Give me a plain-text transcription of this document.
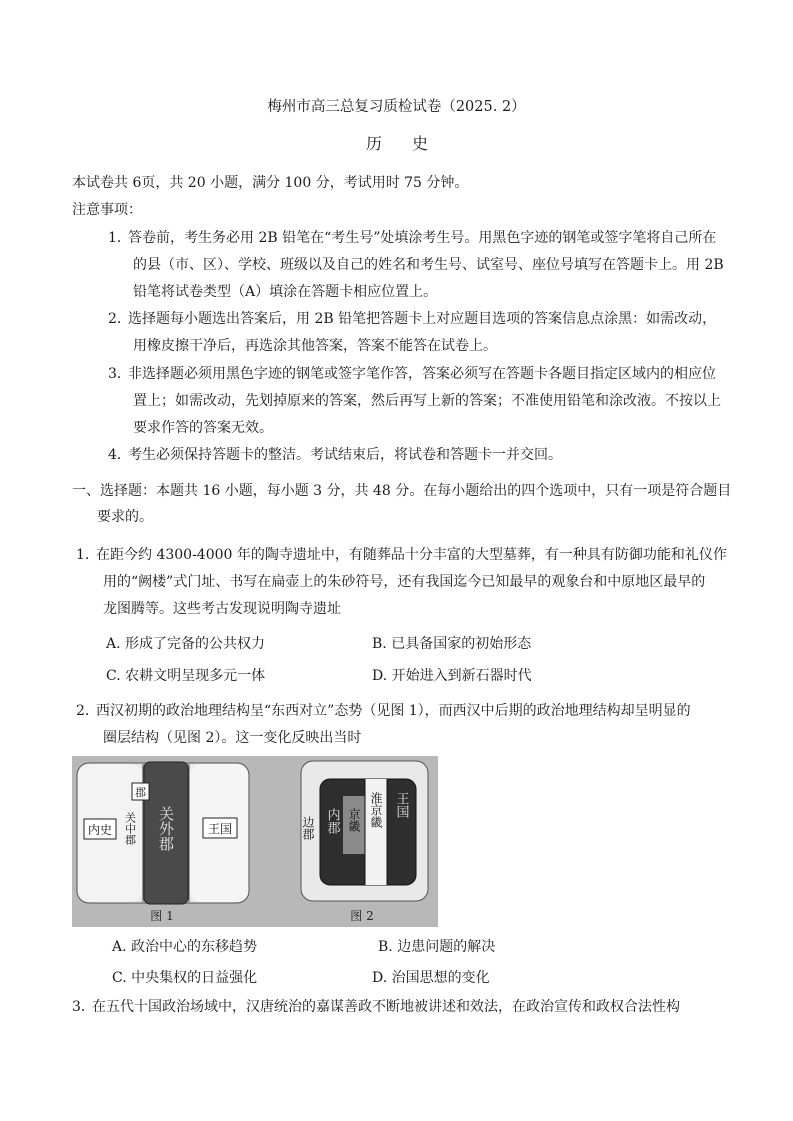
梅州市高三总复习质检试卷（2025. 2）
历 史
本试卷共 6页，共 20 小题，满分 100 分，考试用时 75 分钟。
注意事项：
1．
答卷前，考生务必用 2B 铅笔在“考生号”处填涂考生号。用黑色字迹的钢笔或签字笔将自己所在
的县（市、区）、学校、班级以及自己的姓名和考生号、试室号、座位号填写在答题卡上。用 2B
铅笔将试卷类型（A）填涂在答题卡相应位置上。
2．
选择题每小题选出答案后，用 2B 铅笔把答题卡上对应题目选项的答案信息点涂黑：如需改动，
用橡皮擦干净后，再选涂其他答案，答案不能答在试卷上。
3．
非选择题必须用黑色字迹的钢笔或签字笔作答，答案必须写在答题卡各题目指定区域内的相应位
置上；如需改动，先划掉原来的答案，然后再写上新的答案；不准使用铅笔和涂改液。不按以上
要求作答的答案无效。
4．
考生必须保持答题卡的整洁。考试结束后，将试卷和答题卡一并交回。
一、选择题：本题共 16 小题，每小题 3 分，共 48 分。在每小题给出的四个选项中，只有一项是符合题目
要求的。
1．
在距今约 4300-4000 年的陶寺遗址中，有随葬品十分丰富的大型墓葬，有一种具有防御功能和礼仪作
用的“阙楼”式门址、书写在扁壶上的朱砂符号，还有我国迄今已知最早的观象台和中原地区最早的
龙图腾等。这些考古发现说明陶寺遗址
A. 形成了完备的公共权力	B. 已具备国家的初始形态
C. 农耕文明呈现多元一体	D. 开始进入到新石器时代
2．
西汉初期的政治地理结构呈“东西对立”态势（见图 1），而西汉中后期的政治地理结构却呈明显的
圈层结构（见图 2）。这一变化反映出当时
内史
郡
关中郡 关外郡	王国
图 1
边郡 内郡 京畿 淮京畿 王国
图 2
A. 政治中心的东移趋势	B. 边患问题的解决
C. 中央集权的日益强化	D. 治国思想的变化
3．
在五代十国政治场域中，汉唐统治的嘉谋善政不断地被讲述和效法，在政治宣传和政权合法性构
